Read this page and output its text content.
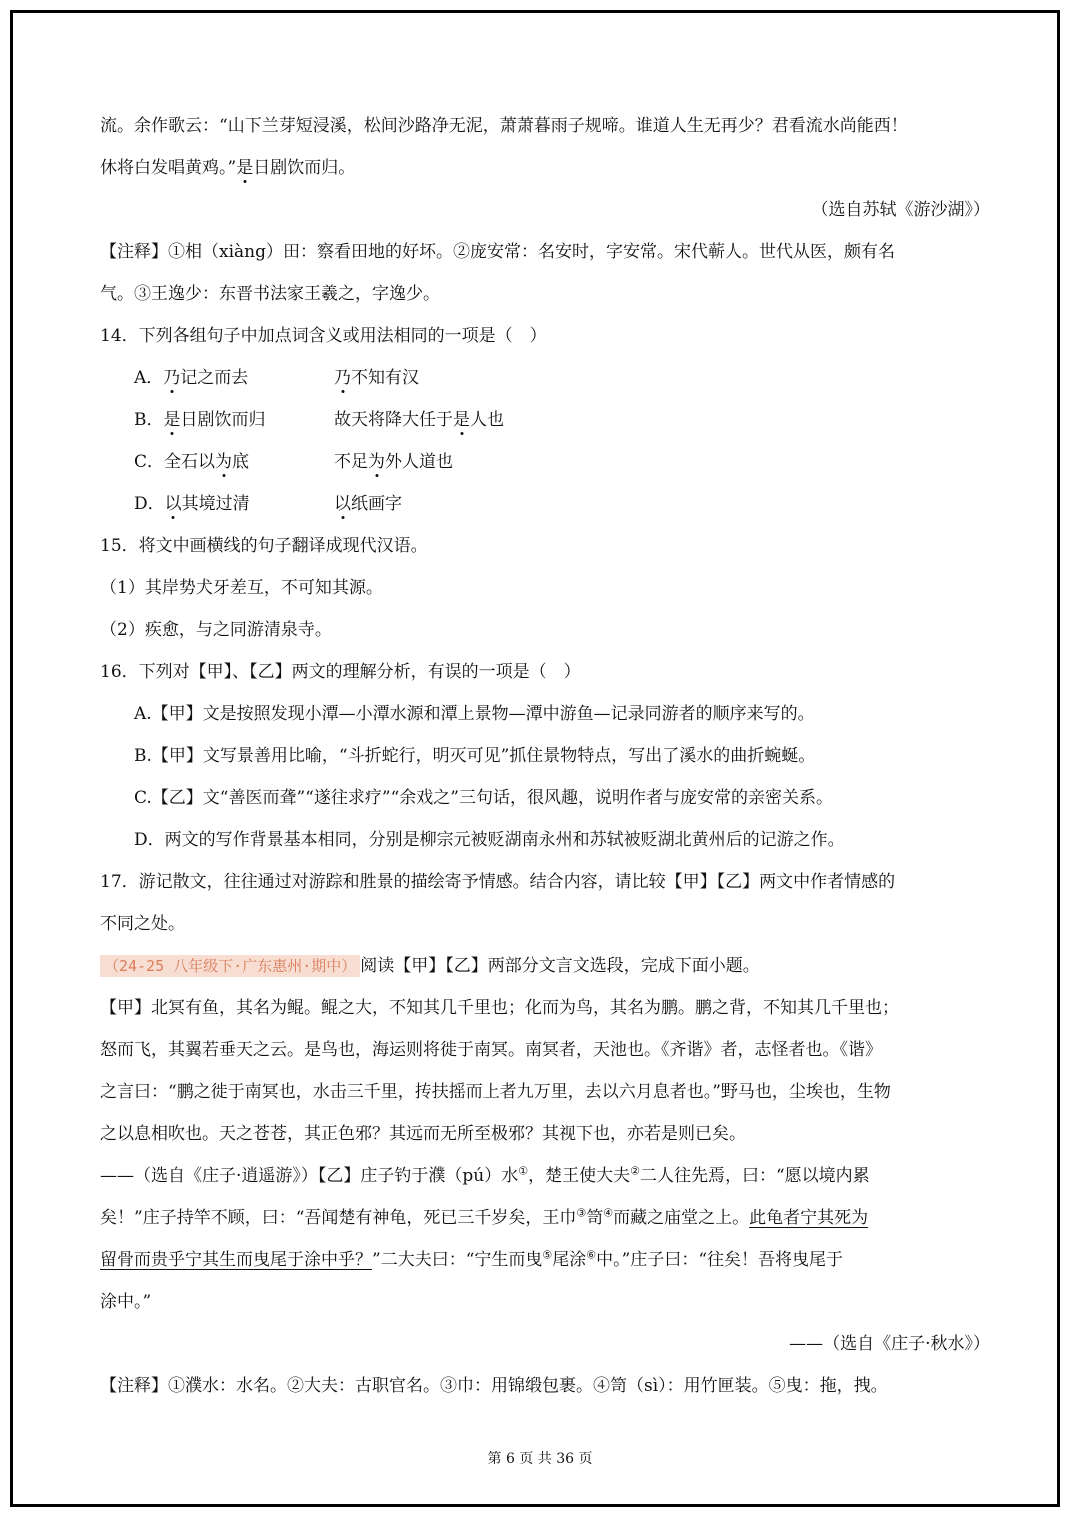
流。余作歌云：“山下兰芽短浸溪，松间沙路净无泥，萧萧暮雨子规啼。谁道人生无再少？君看流水尚能西！

休将白发唱黄鸡。”是日剧饮而归。

（选自苏轼《游沙湖》）

【注释】①相（xiàng）田：察看田地的好坏。②庞安常：名安时，字安常。宋代蕲人。世代从医，颇有名

气。③王逸少：东晋书法家王羲之，字逸少。

14．下列各组句子中加点词含义或用法相同的一项是（　）

A．乃记之而去	乃不知有汉
B．是日剧饮而归	故天将降大任于是人也
C．全石以为底	不足为外人道也
D．以其境过清	以纸画字

15．将文中画横线的句子翻译成现代汉语。

（1）其岸势犬牙差互，不可知其源。

（2）疾愈，与之同游清泉寺。

16．下列对【甲】、【乙】两文的理解分析，有误的一项是（　）

A.【甲】文是按照发现小潭—小潭水源和潭上景物—潭中游鱼—记录同游者的顺序来写的。

B.【甲】文写景善用比喻，“斗折蛇行，明灭可见”抓住景物特点，写出了溪水的曲折蜿蜒。

C.【乙】文“善医而聋”“遂往求疗”“余戏之”三句话，很风趣，说明作者与庞安常的亲密关系。

D．两文的写作背景基本相同，分别是柳宗元被贬湖南永州和苏轼被贬湖北黄州后的记游之作。

17．游记散文，往往通过对游踪和胜景的描绘寄予情感。结合内容，请比较【甲】【乙】两文中作者情感的

不同之处。

（24-25 八年级下·广东惠州·期中） 阅读【甲】【乙】两部分文言文选段，完成下面小题。

【甲】北冥有鱼，其名为鲲。鲲之大，不知其几千里也；化而为鸟，其名为鹏。鹏之背，不知其几千里也；

怒而飞，其翼若垂天之云。是鸟也，海运则将徙于南冥。南冥者，天池也。《齐谐》者，志怪者也。《谐》

之言曰：“鹏之徙于南冥也，水击三千里，抟扶摇而上者九万里，去以六月息者也。”野马也，尘埃也，生物

之以息相吹也。天之苍苍，其正色邪？其远而无所至极邪？其视下也，亦若是则已矣。

——（选自《庄子·逍遥游》）【乙】庄子钓于濮（pú）水①，楚王使大夫②二人往先焉，曰：“愿以境内累

矣！”庄子持竿不顾，曰：“吾闻楚有神龟，死已三千岁矣，王巾③笥④而藏之庙堂之上。此龟者宁其死为

留骨而贵乎宁其生而曳尾于涂中乎？”二大夫曰：“宁生而曳⑤尾涂⑥中。”庄子曰：“往矣！吾将曳尾于

涂中。”

——（选自《庄子·秋水》）

【注释】①濮水：水名。②大夫：古职官名。③巾：用锦缎包裹。④笥（sì）：用竹匣装。⑤曳：拖，拽。

第 6 页 共 36 页
